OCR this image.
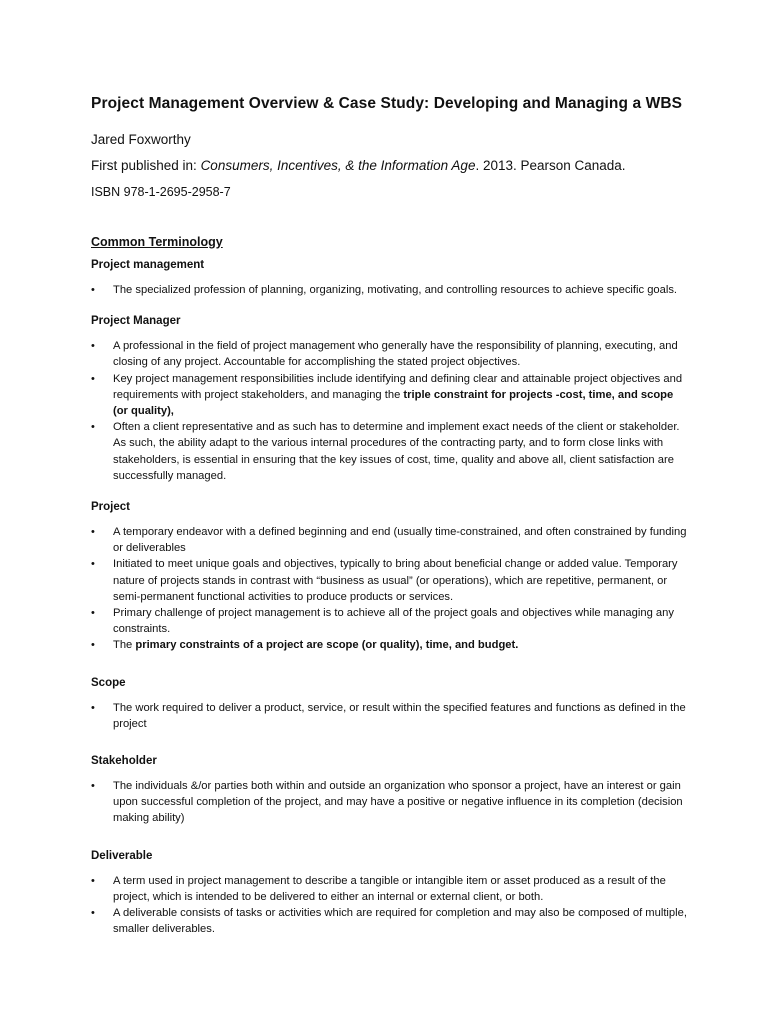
Project Management Overview & Case Study: Developing and Managing a WBS

Jared Foxworthy

First published in: Consumers, Incentives, & the Information Age. 2013. Pearson Canada.

ISBN 978-1-2695-2958-7

Common Terminology
Project management
•	The specialized profession of planning, organizing, motivating, and controlling resources to achieve specific goals.
Project Manager
•	A professional in the field of project management who generally have the responsibility of planning, executing, and closing of any project. Accountable for accomplishing the stated project objectives.
•	Key project management responsibilities include identifying and defining clear and attainable project objectives and requirements with project stakeholders, and managing the triple constraint for projects -cost, time, and scope (or quality),
•	Often a client representative and as such has to determine and implement exact needs of the client or stakeholder. As such, the ability adapt to the various internal procedures of the contracting party, and to form close links with stakeholders, is essential in ensuring that the key issues of cost, time, quality and above all, client satisfaction are successfully managed.
Project
•	A temporary endeavor with a defined beginning and end (usually time-constrained, and often constrained by funding or deliverables
•	Initiated to meet unique goals and objectives, typically to bring about beneficial change or added value. Temporary nature of projects stands in contrast with “business as usual” (or operations), which are repetitive, permanent, or semi-permanent functional activities to produce products or services.
•	Primary challenge of project management is to achieve all of the project goals and objectives while managing any constraints.
•	The primary constraints of a project are scope (or quality), time, and budget.
Scope
•	The work required to deliver a product, service, or result within the specified features and functions as defined in the project
Stakeholder
•	The individuals &/or parties both within and outside an organization who sponsor a project, have an interest or gain upon successful completion of the project, and may have a positive or negative influence in its completion (decision making ability)
Deliverable
•	A term used in project management to describe a tangible or intangible item or asset produced as a result of the project, which is intended to be delivered to either an internal or external client, or both.
•	A deliverable consists of tasks or activities which are required for completion and may also be composed of multiple, smaller deliverables.
